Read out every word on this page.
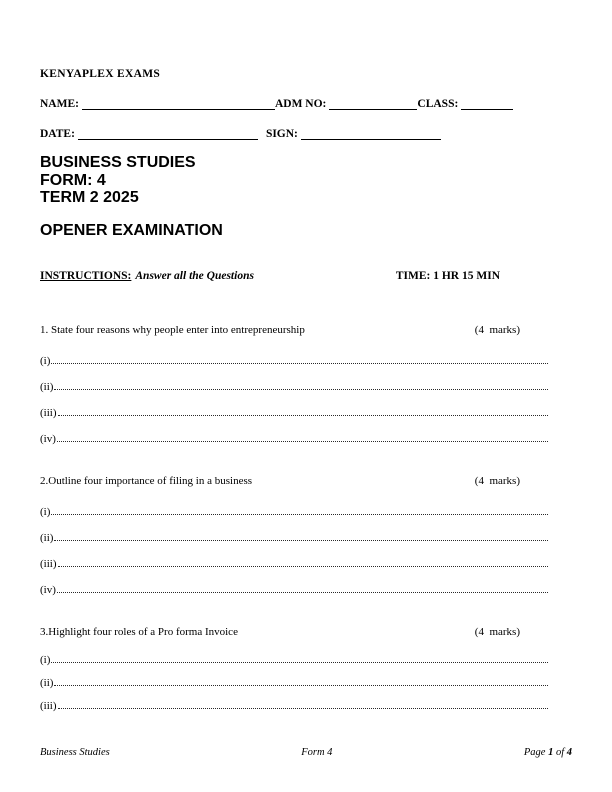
KENYAPLEX EXAMS
NAME:	ADM NO:	CLASS:
DATE:	SIGN:
BUSINESS STUDIES
FORM: 4
TERM 2 2025
OPENER EXAMINATION
INSTRUCTIONS: Answer all the Questions	TIME: 1 HR 15 MIN
1. State four reasons why people enter into entrepreneurship	(4  marks)
(i)
(ii)
(iii)
(iv)
2.Outline four importance of filing in a business	(4  marks)
(i)
(ii)
(iii)
(iv)
3.Highlight four roles of a Pro forma Invoice	(4  marks)
(i)
(ii)
(iii)
Business Studies	Form 4	Page 1 of 4
